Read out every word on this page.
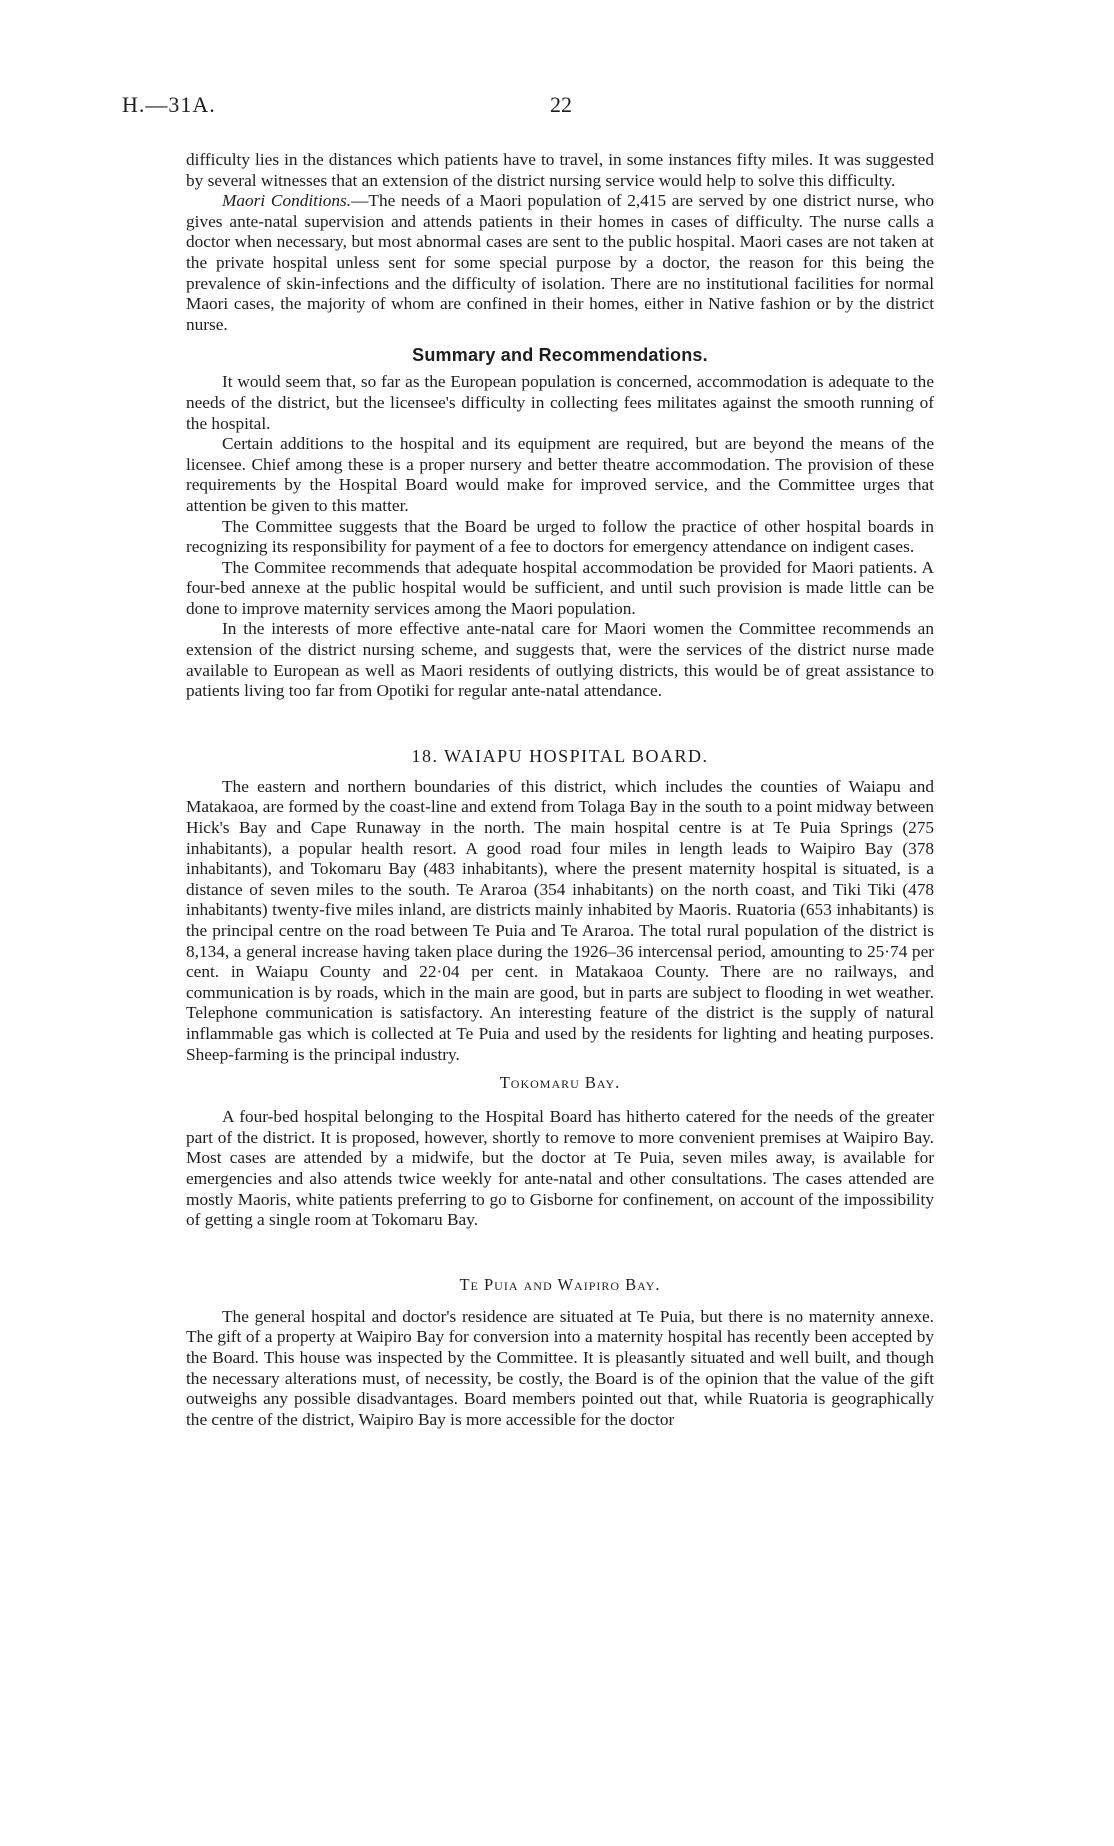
H.—31A.	22

difficulty lies in the distances which patients have to travel, in some instances fifty miles. It was suggested by several witnesses that an extension of the district nursing service would help to solve this difficulty.

Maori Conditions.—The needs of a Maori population of 2,415 are served by one district nurse, who gives ante-natal supervision and attends patients in their homes in cases of difficulty. The nurse calls a doctor when necessary, but most abnormal cases are sent to the public hospital. Maori cases are not taken at the private hospital unless sent for some special purpose by a doctor, the reason for this being the prevalence of skin-infections and the difficulty of isolation. There are no institutional facilities for normal Maori cases, the majority of whom are confined in their homes, either in Native fashion or by the district nurse.

Summary and Recommendations.

It would seem that, so far as the European population is concerned, accommodation is adequate to the needs of the district, but the licensee's difficulty in collecting fees militates against the smooth running of the hospital.

Certain additions to the hospital and its equipment are required, but are beyond the means of the licensee. Chief among these is a proper nursery and better theatre accommodation. The provision of these requirements by the Hospital Board would make for improved service, and the Committee urges that attention be given to this matter.

The Committee suggests that the Board be urged to follow the practice of other hospital boards in recognizing its responsibility for payment of a fee to doctors for emergency attendance on indigent cases.

The Commitee recommends that adequate hospital accommodation be provided for Maori patients. A four-bed annexe at the public hospital would be sufficient, and until such provision is made little can be done to improve maternity services among the Maori population.

In the interests of more effective ante-natal care for Maori women the Committee recommends an extension of the district nursing scheme, and suggests that, were the services of the district nurse made available to European as well as Maori residents of outlying districts, this would be of great assistance to patients living too far from Opotiki for regular ante-natal attendance.

18. WAIAPU HOSPITAL BOARD.

The eastern and northern boundaries of this district, which includes the counties of Waiapu and Matakaoa, are formed by the coast-line and extend from Tolaga Bay in the south to a point midway between Hick's Bay and Cape Runaway in the north. The main hospital centre is at Te Puia Springs (275 inhabitants), a popular health resort. A good road four miles in length leads to Waipiro Bay (378 inhabitants), and Tokomaru Bay (483 inhabitants), where the present maternity hospital is situated, is a distance of seven miles to the south. Te Araroa (354 inhabitants) on the north coast, and Tiki Tiki (478 inhabitants) twenty-five miles inland, are districts mainly inhabited by Maoris. Ruatoria (653 inhabitants) is the principal centre on the road between Te Puia and Te Araroa. The total rural population of the district is 8,134, a general increase having taken place during the 1926–36 intercensal period, amounting to 25·74 per cent. in Waiapu County and 22·04 per cent. in Matakaoa County. There are no railways, and communication is by roads, which in the main are good, but in parts are subject to flooding in wet weather. Telephone communication is satisfactory. An interesting feature of the district is the supply of natural inflammable gas which is collected at Te Puia and used by the residents for lighting and heating purposes. Sheep-farming is the principal industry.

Tokomaru Bay.

A four-bed hospital belonging to the Hospital Board has hitherto catered for the needs of the greater part of the district. It is proposed, however, shortly to remove to more convenient premises at Waipiro Bay. Most cases are attended by a midwife, but the doctor at Te Puia, seven miles away, is available for emergencies and also attends twice weekly for ante-natal and other consultations. The cases attended are mostly Maoris, white patients preferring to go to Gisborne for confinement, on account of the impossibility of getting a single room at Tokomaru Bay.

Te Puia and Waipiro Bay.

The general hospital and doctor's residence are situated at Te Puia, but there is no maternity annexe. The gift of a property at Waipiro Bay for conversion into a maternity hospital has recently been accepted by the Board. This house was inspected by the Committee. It is pleasantly situated and well built, and though the necessary alterations must, of necessity, be costly, the Board is of the opinion that the value of the gift outweighs any possible disadvantages. Board members pointed out that, while Ruatoria is geographically the centre of the district, Waipiro Bay is more accessible for the doctor
